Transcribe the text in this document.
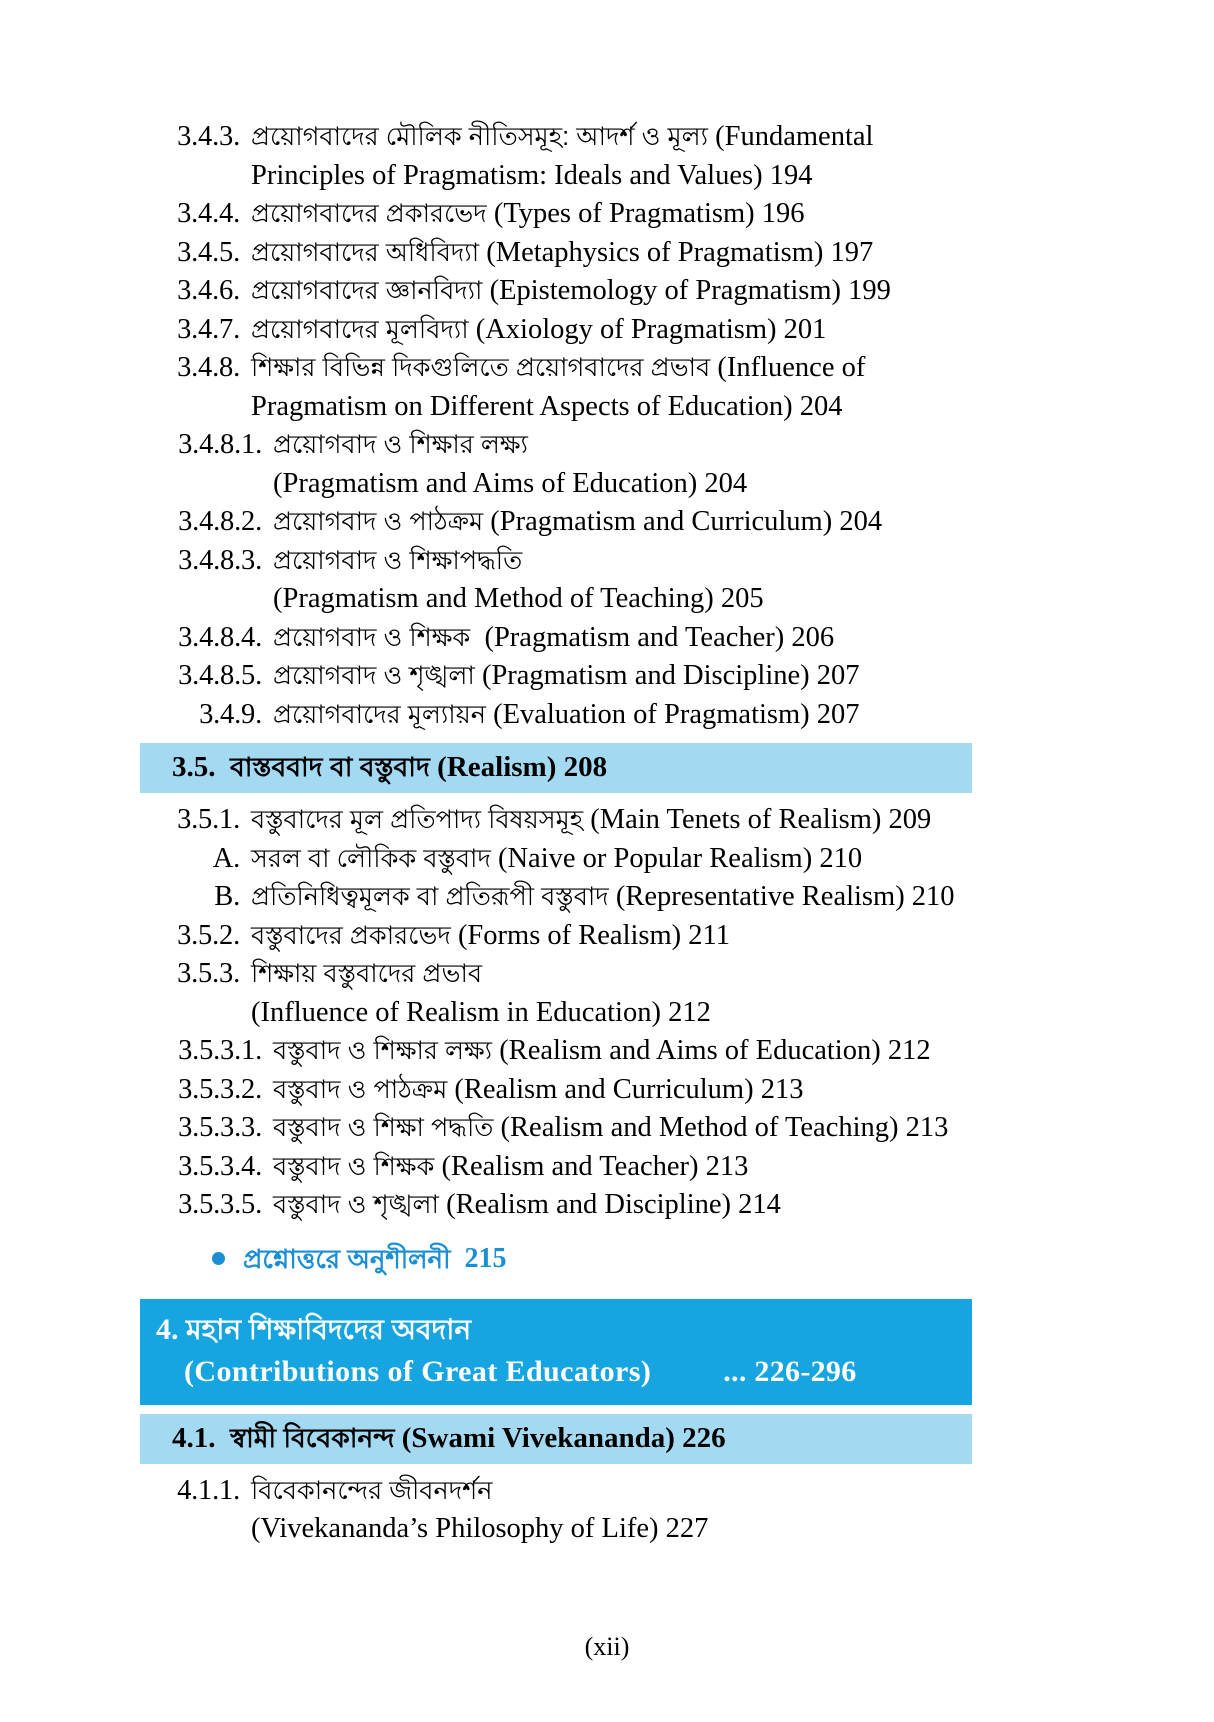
3.4.3. প্রয়োগবাদের মৌলিক নীতিসমূহ: আদর্শ ও মূল্য (Fundamental
Principles of Pragmatism: Ideals and Values) 194
3.4.4. প্রয়োগবাদের প্রকারভেদ (Types of Pragmatism) 196
3.4.5. প্রয়োগবাদের অধিবিদ্যা (Metaphysics of Pragmatism) 197
3.4.6. প্রয়োগবাদের জ্ঞানবিদ্যা (Epistemology of Pragmatism) 199
3.4.7. প্রয়োগবাদের মূলবিদ্যা (Axiology of Pragmatism) 201
3.4.8. শিক্ষার বিভিন্ন দিকগুলিতে প্রয়োগবাদের প্রভাব (Influence of
Pragmatism on Different Aspects of Education) 204
3.4.8.1. প্রয়োগবাদ ও শিক্ষার লক্ষ্য
(Pragmatism and Aims of Education) 204
3.4.8.2. প্রয়োগবাদ ও পাঠক্রম (Pragmatism and Curriculum) 204
3.4.8.3. প্রয়োগবাদ ও শিক্ষাপদ্ধতি
(Pragmatism and Method of Teaching) 205
3.4.8.4. প্রয়োগবাদ ও শিক্ষক (Pragmatism and Teacher) 206
3.4.8.5. প্রয়োগবাদ ও শৃঙ্খলা (Pragmatism and Discipline) 207
3.4.9. প্রয়োগবাদের মূল্যায়ন (Evaluation of Pragmatism) 207
3.5. বাস্তববাদ বা বস্তুবাদ (Realism) 208
3.5.1. বস্তুবাদের মূল প্রতিপাদ্য বিষয়সমূহ (Main Tenets of Realism) 209
A. সরল বা লৌকিক বস্তুবাদ (Naive or Popular Realism) 210
B. প্রতিনিধিত্বমূলক বা প্রতিরূপী বস্তুবাদ (Representative Realism) 210
3.5.2. বস্তুবাদের প্রকারভেদ (Forms of Realism) 211
3.5.3. শিক্ষায় বস্তুবাদের প্রভাব
(Influence of Realism in Education) 212
3.5.3.1. বস্তুবাদ ও শিক্ষার লক্ষ্য (Realism and Aims of Education) 212
3.5.3.2. বস্তুবাদ ও পাঠক্রম (Realism and Curriculum) 213
3.5.3.3. বস্তুবাদ ও শিক্ষা পদ্ধতি (Realism and Method of Teaching) 213
3.5.3.4. বস্তুবাদ ও শিক্ষক (Realism and Teacher) 213
3.5.3.5. বস্তুবাদ ও শৃঙ্খলা (Realism and Discipline) 214
প্রশ্নোত্তরে অনুশীলনী
215
4. মহান শিক্ষাবিদদের অবদান
(Contributions of Great Educators) ... 226-296
4.1. স্বামী বিবেকানন্দ (Swami Vivekananda) 226
4.1.1. বিবেকানন্দের জীবনদর্শন
(Vivekananda’s Philosophy of Life) 227
(xii)
